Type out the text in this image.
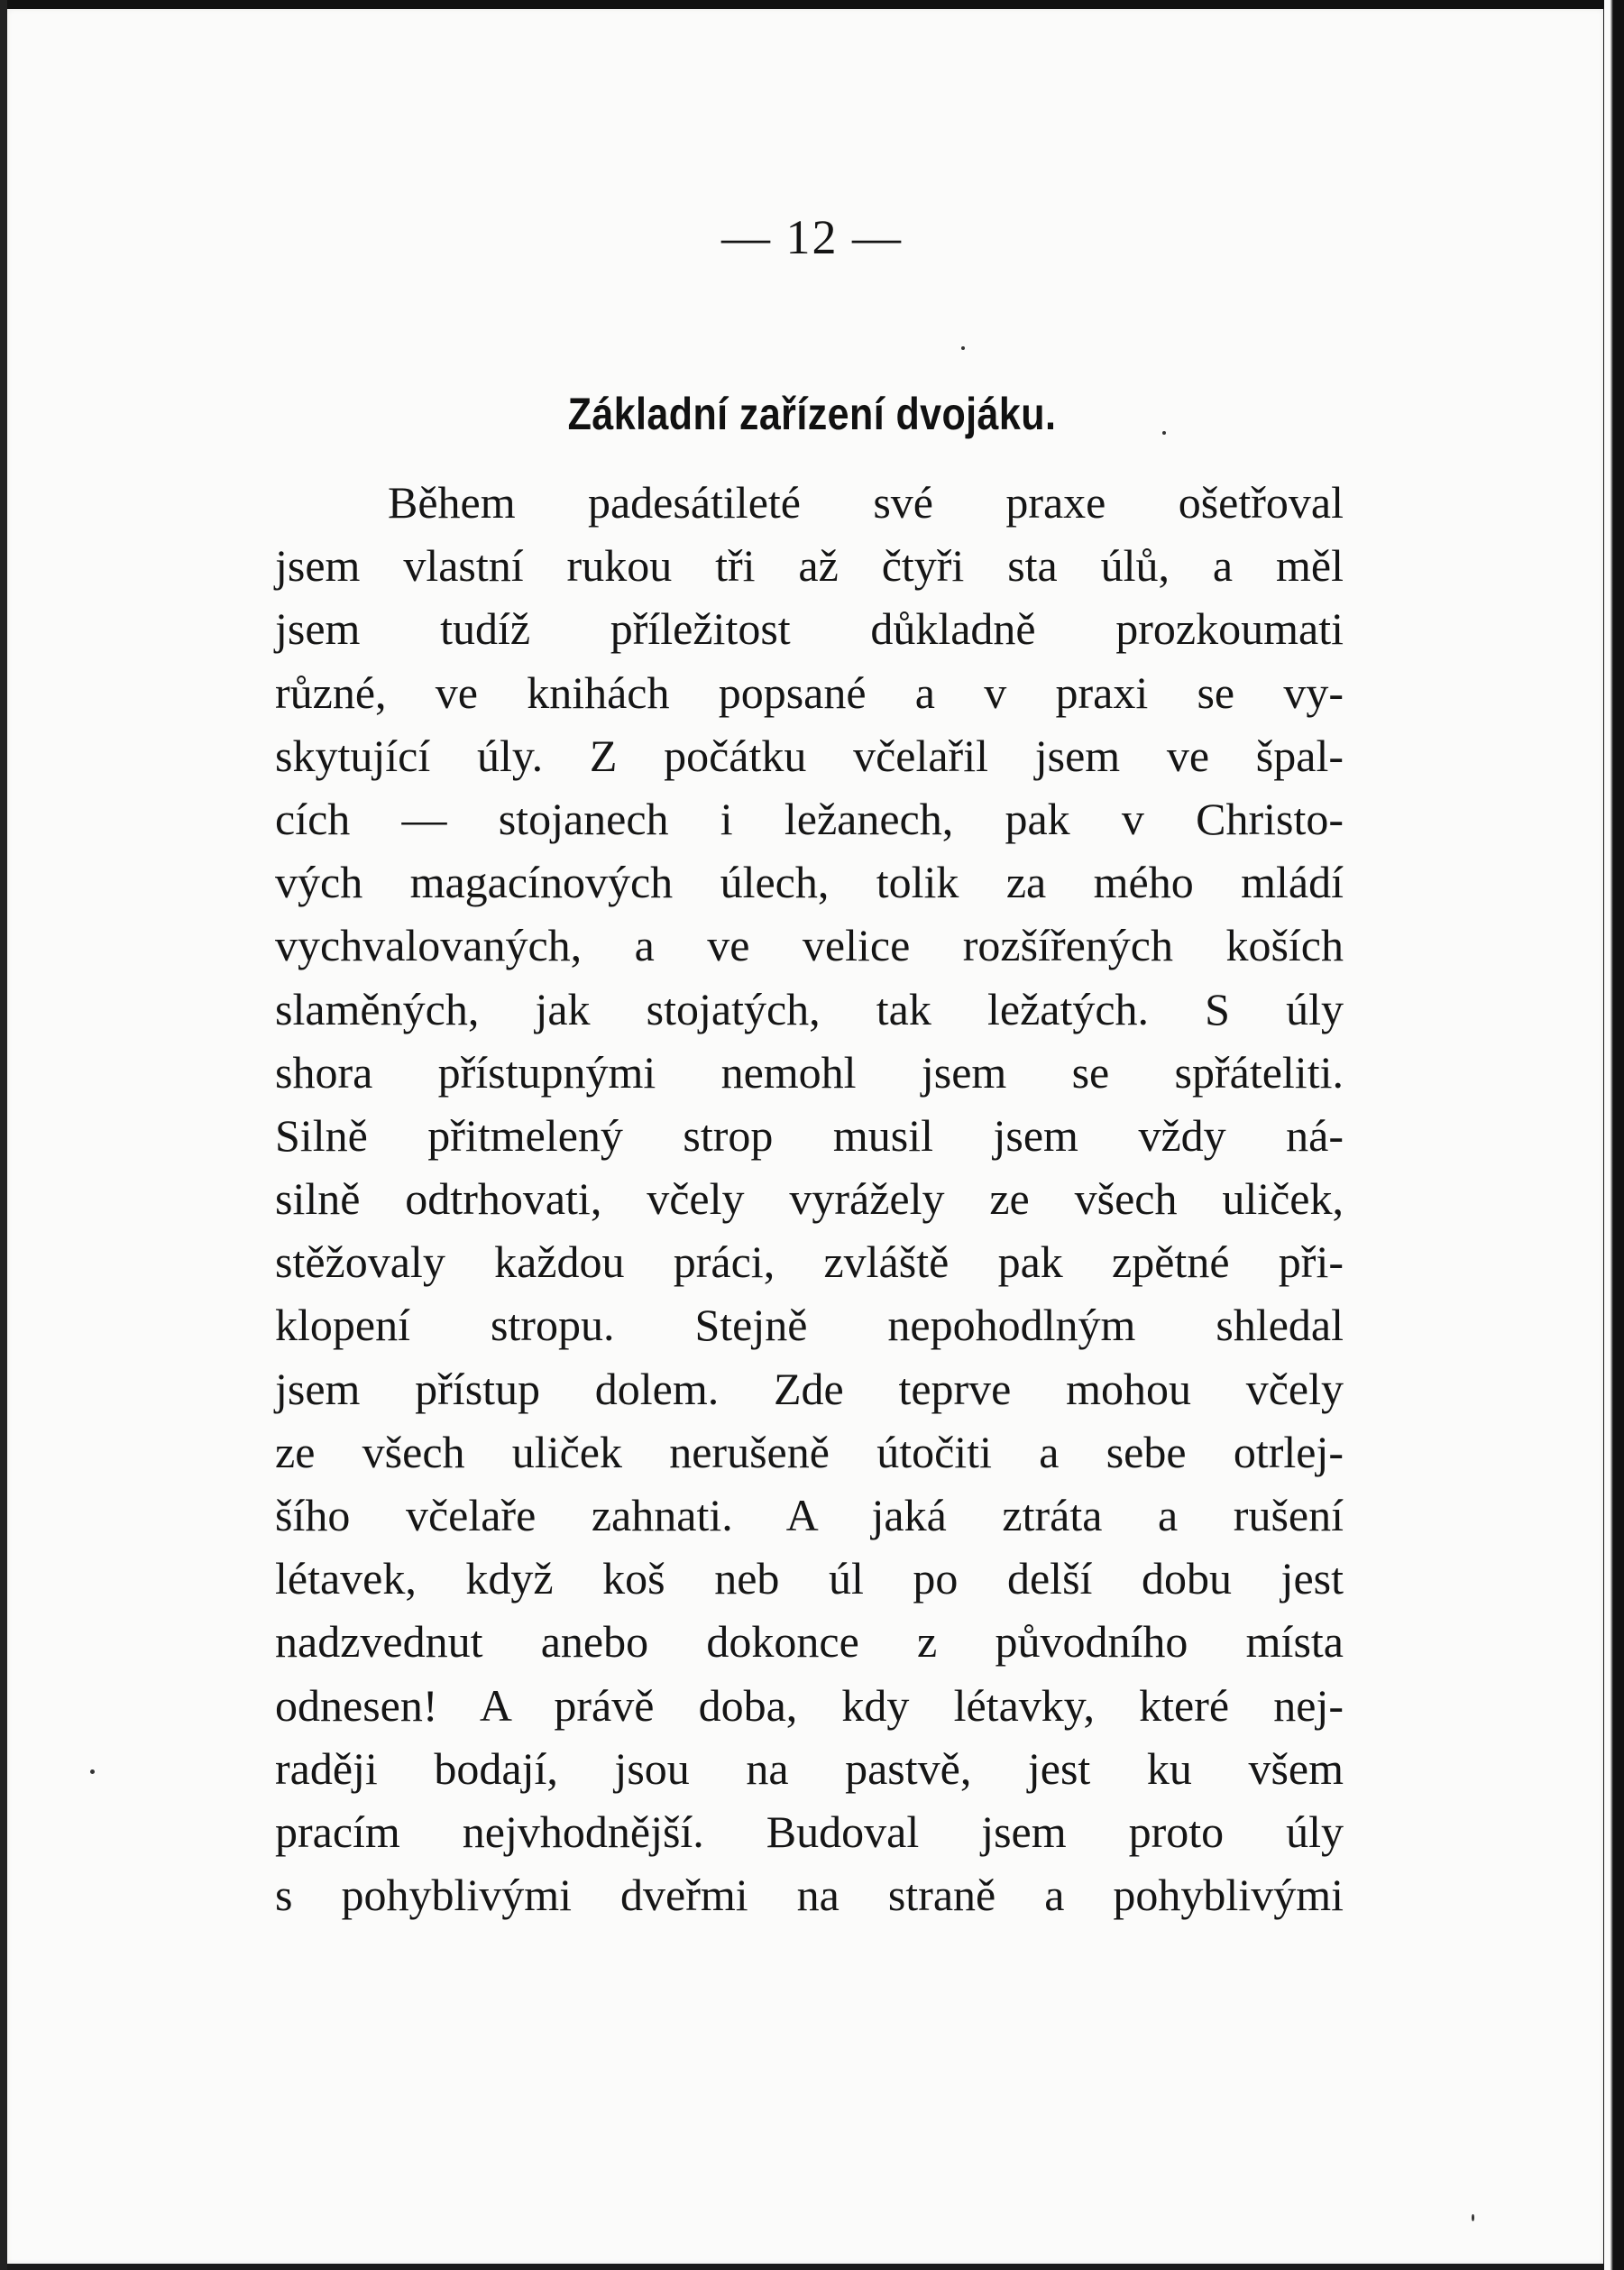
— 12 —
Základní zařízení dvojáku.
Během padesátileté své praxe ošetřoval
jsem vlastní rukou tři až čtyři sta úlů, a měl
jsem tudíž příležitost důkladně prozkoumati
různé, ve knihách popsané a v praxi se vy-
skytující úly. Z počátku včelařil jsem ve špal-
cích — stojanech i ležanech, pak v Christo-
vých magacínových úlech, tolik za mého mládí
vychvalovaných, a ve velice rozšířených koších
slaměných, jak stojatých, tak ležatých. S úly
shora přístupnými nemohl jsem se spřáteliti.
Silně přitmelený strop musil jsem vždy ná-
silně odtrhovati, včely vyrážely ze všech uliček,
stěžovaly každou práci, zvláště pak zpětné při-
klopení stropu. Stejně nepohodlným shledal
jsem přístup dolem. Zde teprve mohou včely
ze všech uliček nerušeně útočiti a sebe otrlej-
šího včelaře zahnati. A jaká ztráta a rušení
létavek, když koš neb úl po delší dobu jest
nadzvednut anebo dokonce z původního místa
odnesen! A právě doba, kdy létavky, které nej-
raději bodají, jsou na pastvě, jest ku všem
pracím nejvhodnější. Budoval jsem proto úly
s pohyblivými dveřmi na straně a pohyblivými
